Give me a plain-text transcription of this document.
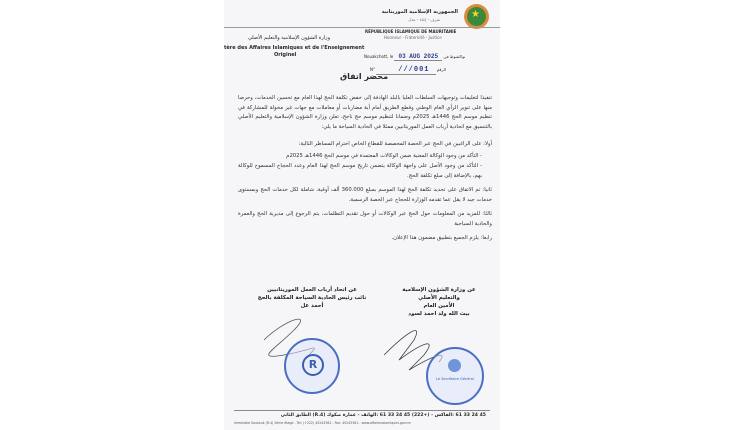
★
الجمهورية الإسلامية الموريتانية
شرف - إخاء - عدل
RÉPUBLIQUE ISLAMIQUE DE MAURITANIE
Honneur - Fraternité - Justice
وزارة الشؤون الإسلامية والتعليم الأصلي
tère des Affaires Islamiques et de l'Enseignement
Originel	Nouakchott, le 03 AUG 2025 نواكشوط في
N°	///001 الرقم
محضر اتفاق
تنفيذا لتعليمات وتوجيهات السلطات العليا بالبلد الهادفة إلى خفض تكلفة الحج لهذا العام مع تحسين الخدمات، وحرصا منها على تنوير الرأي العام الوطني وقطع الطريق أمام أية مضاربات أو معاملات مع جهات غير مخولة للمشاركة في تنظيم موسم الحج 1446هـ 2025م وضمانا لتنظيم موسم حج ناجح، تعلن وزارة الشؤون الإسلامية والتعليم الأصلي بالتنسيق مع اتحادية أرباب العمل الموريتانيين ممثلا في الحادية السياحة ما يلي:
أولا: على الراغبين في الحج عبر الحصة المخصصة للقطاع الخاص احترام المساطر التالية:
- التأكد من وجود الوكالة المعنية ضمن الوكالات المعتمدة في موسم الحج 1446هـ 2025م
- التأكد من وجود الأصل على واجهة الوكالة يتضمن تاريخ موسم الحج لهذا العام وعدد الحجاج المسموح للوكالة بهم، بالإضافة إلى مبلغ تكلفة الحج.
ثانيا: تم الاتفاق على تحديد تكلفة الحج لهذا الموسم بمبلغ 360.000 ألف أوقية، شاملة لكل خدمات الحج وبمستوى خدمات جيد لا يقل عما تقدمه الوزارة للحجاج عبر الحصة الرسمية.
ثالثا: للمزيد من المعلومات حول الحج عبر الوكالات أو حول تقديم التظلمات، يتم الرجوع إلى مديرية الحج والعمرة والحادية السياحية
رابعا: يلزم الجميع بتطبيق مضمون هذا الإعلان.
عن اتحاد أرباب العمل الموريتانيين
نائب رئيس الحادية السياحة المكلفة بالحج
أحمد عل
عن وزارة الشؤون الإسلامية
والتعليم الأصلي
الأمين العام
بيت الله ولد احمد لسود
R
Le Secrétaire Général
45 24 33 61 :الفاكس - (+222) 45 24 33 61 :الهاتف - عمارة صكوك (R.4) الطابق الثاني
Immeuble Soukouk (R.4) 2ème étage - Tel: (+222) 45243361 - Fax: 45243361 - www.affairesislamiques.gov.mr
